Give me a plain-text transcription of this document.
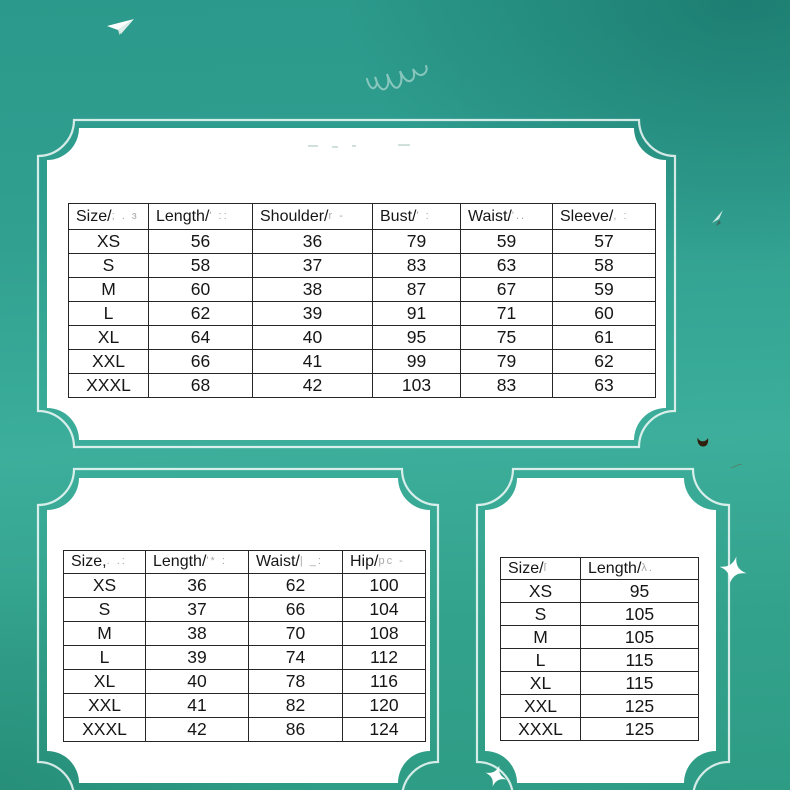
Size/; . ɜ	Length/' ::	Shoulder/r -	Bust/' :	Waist/'..	Sleeve/, :
XS	56	36	79	59	57
S	58	37	83	63	58
M	60	38	87	67	59
L	62	39	91	71	60
XL	64	40	95	75	61
XXL	66	41	99	79	62
XXXL	68	42	103	83	63
Size,. .:	Length/'* :	Waist/| _:	Hip/pc -
XS	36	62	100
S	37	66	104
M	38	70	108
L	39	74	112
XL	40	78	116
XXL	41	82	120
XXXL	42	86	124
Size/ſ	Length/λ.
XS	95
S	105
M	105
L	115
XL	115
XXL	125
XXXL	125
